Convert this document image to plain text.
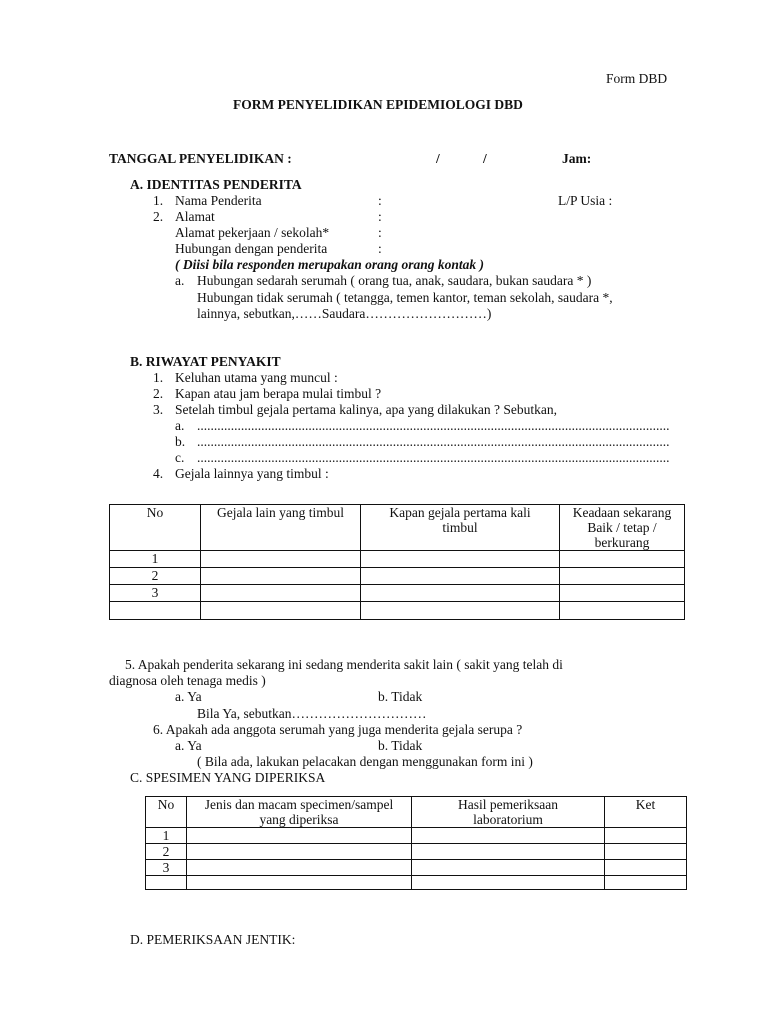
Form DBD
FORM PENYELIDIKAN EPIDEMIOLOGI DBD
TANGGAL PENYELIDIKAN :	/	/	Jam:
A. IDENTITAS PENDERITA
1. Nama Penderita	:	L/P Usia :
2. Alamat	:
Alamat pekerjaan / sekolah*	:
Hubungan dengan penderita	:
( Diisi bila responden merupakan orang orang kontak )
a. Hubungan sedarah serumah ( orang tua, anak, saudara, bukan saudara * )
Hubungan tidak serumah ( tetangga, temen kantor, teman sekolah, saudara *,
lainnya, sebutkan,……Saudara………………………)
B. RIWAYAT PENYAKIT
1. Keluhan utama yang muncul :
2. Kapan atau jam berapa mulai timbul ?
3. Setelah timbul gejala pertama kalinya, apa yang dilakukan ? Sebutkan,
a. ............................................................................................................................................
b. ............................................................................................................................................
c. ............................................................................................................................................
4. Gejala lainnya yang timbul :
No	Gejala lain yang timbul	Kapan gejala pertama kali timbul	Keadaan sekarang Baik / tetap / berkurang
1			
2			
3			

5. Apakah penderita sekarang ini sedang menderita sakit lain ( sakit yang telah di
diagnosa oleh tenaga medis )
a. Ya	b. Tidak
Bila Ya, sebutkan…………………………
6. Apakah ada anggota serumah yang juga menderita gejala serupa ?
a. Ya	b. Tidak
( Bila ada, lakukan pelacakan dengan menggunakan form ini )
C. SPESIMEN YANG DIPERIKSA
No	Jenis dan macam specimen/sampel yang diperiksa	Hasil pemeriksaan laboratorium	Ket
1			
2			
3			

D. PEMERIKSAAN JENTIK:
